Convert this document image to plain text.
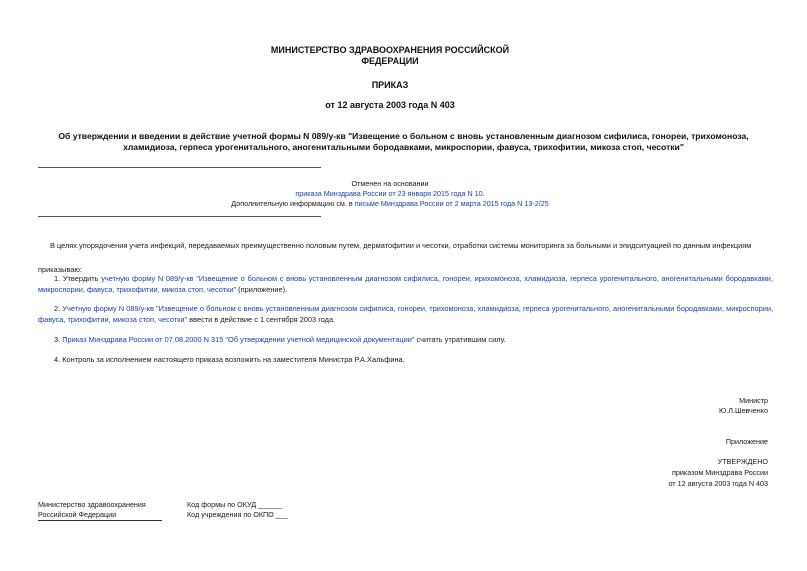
МИНИСТЕРСТВО ЗДРАВООХРАНЕНИЯ РОССИЙСКОЙ
ФЕДЕРАЦИИ
ПРИКАЗ
от 12 августа 2003 года N 403
Об утверждении и введении в действие учетной формы N 089/у-кв "Извещение о больном с вновь установленным диагнозом сифилиса, гонореи, трихомоноза,
хламидиоза, герпеса урогенитального, аногенитальными бородавками, микроспории, фавуса, трихофитии, микоза стоп, чесотки"
Отменен на основании
приказа Минздрава России от 23 января 2015 года N 10.
Дополнительную информацию см. в письме Минздрава России от 2 марта 2015 года N 13-2/25
В целях упорядочения учета инфекций, передаваемых преимущественно половым путем, дерматофитии и чесотки, отработки системы мониторинга за больными и эпидситуацией по данным инфекциям
приказываю:
1. Утвердить учетную форму N 089/у-кв "Извещение о больном с вновь установленным диагнозом сифилиса, гонореи, ирихомоноза, хламидиоза, герпеса урогенитального, аногенитальными бородавками, микроспории, фавуса, трихофитии, микоза стоп, чесотки" (приложение).
2. Учетную форму N 089/у-кв "Извещение о больном с вновь установленным диагнозом сифилиса, гонореи, трихомоноза, хламидиоза, герпеса урогенитального, аногенитальными бородавками, микроспории, фавуса, трихофитии, микоза стоп, чесотки" ввести в действие с 1 сентября 2003 года.
3. Приказ Минздрава России от 07.08.2000 N 315 "Об утверждении учетной медицинской документации" считать утратившим силу.
4. Контроль за исполнением настоящего приказа возложить на заместителя Министра Р.А.Хальфина.
Министр
Ю.Л.Шевченко
Приложение
УТВЕРЖДЕНО
приказом Минздрава России
от 12 августа 2003 года N 403
Министерство здравоохранения
Российской Федерации
Код формы по ОКУД ______
Код учреждения по ОКПО ___
